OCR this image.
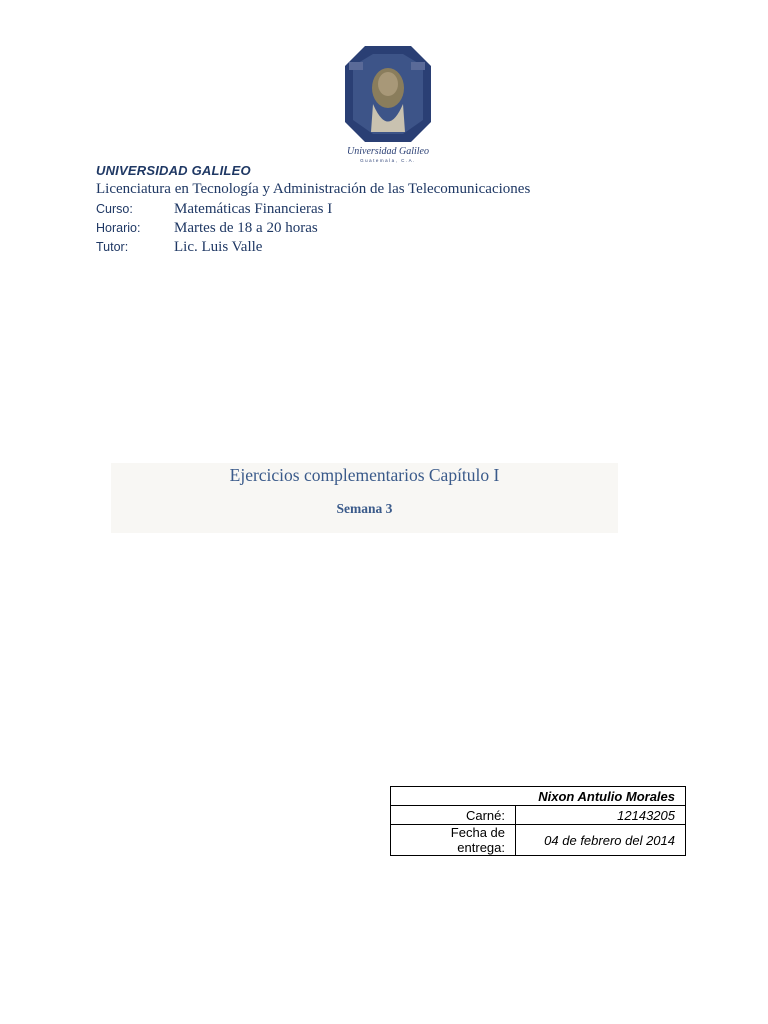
Universidad Galileo
Guatemala, C.A.
UNIVERSIDAD GALILEO
Licenciatura en Tecnología y Administración de las Telecomunicaciones
Curso:	Matemáticas Financieras I
Horario: Martes de 18 a 20 horas
Tutor:	Lic. Luis Valle
Ejercicios complementarios Capítulo I
Semana 3
Nixon Antulio Morales	
Carné:	12143205
Fecha de entrega:	04 de febrero del 2014
